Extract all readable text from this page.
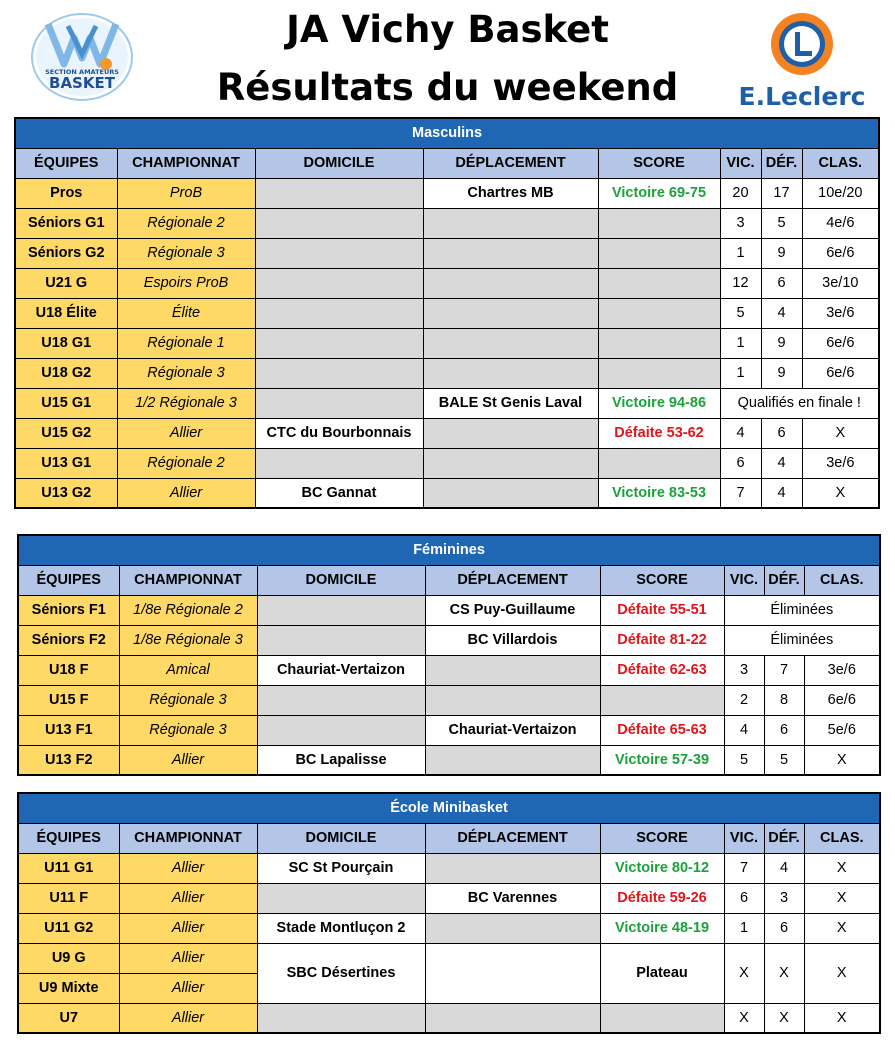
SECTION AMATEURS
BASKET
JA Vichy Basket
Résultats du weekend	E.Leclerc
Masculins							
ÉQUIPES	CHAMPIONNAT	DOMICILE	DÉPLACEMENT	SCORE	VIC.	DÉF.	CLAS.
Pros	ProB		Chartres MB	Victoire 69-75	20	17	10e/20
Séniors G1	Régionale 2				3	5	4e/6
Séniors G2	Régionale 3				1	9	6e/6
U21 G	Espoirs ProB				12	6	3e/10
U18 Élite	Élite				5	4	3e/6
U18 G1	Régionale 1				1	9	6e/6
U18 G2	Régionale 3				1	9	6e/6
U15 G1	1/2 Régionale 3		BALE St Genis Laval	Victoire 94-86	Qualifiés en finale !		
U15 G2	Allier	CTC du Bourbonnais		Défaite 53-62	4	6	X
U13 G1	Régionale 2				6	4	3e/6
U13 G2	Allier	BC Gannat		Victoire 83-53	7	4	X
Féminines							
ÉQUIPES	CHAMPIONNAT	DOMICILE	DÉPLACEMENT	SCORE	VIC.	DÉF.	CLAS.
Séniors F1	1/8e Régionale 2		CS Puy-Guillaume	Défaite 55-51	Éliminées		
Séniors F2	1/8e Régionale 3		BC Villardois	Défaite 81-22	Éliminées		
U18 F	Amical	Chauriat-Vertaizon		Défaite 62-63	3	7	3e/6
U15 F	Régionale 3				2	8	6e/6
U13 F1	Régionale 3		Chauriat-Vertaizon	Défaite 65-63	4	6	5e/6
U13 F2	Allier	BC Lapalisse		Victoire 57-39	5	5	X
École Minibasket							
ÉQUIPES	CHAMPIONNAT	DOMICILE	DÉPLACEMENT	SCORE	VIC.	DÉF.	CLAS.
U11 G1	Allier	SC St Pourçain		Victoire 80-12	7	4	X
U11 F	Allier		BC Varennes	Défaite 59-26	6	3	X
U11 G2	Allier	Stade Montluçon 2		Victoire 48-19	1	6	X
U9 G	Allier	SBC Désertines		Plateau	X	X	X
U9 Mixte	Allier						
U7	Allier				X	X	X
